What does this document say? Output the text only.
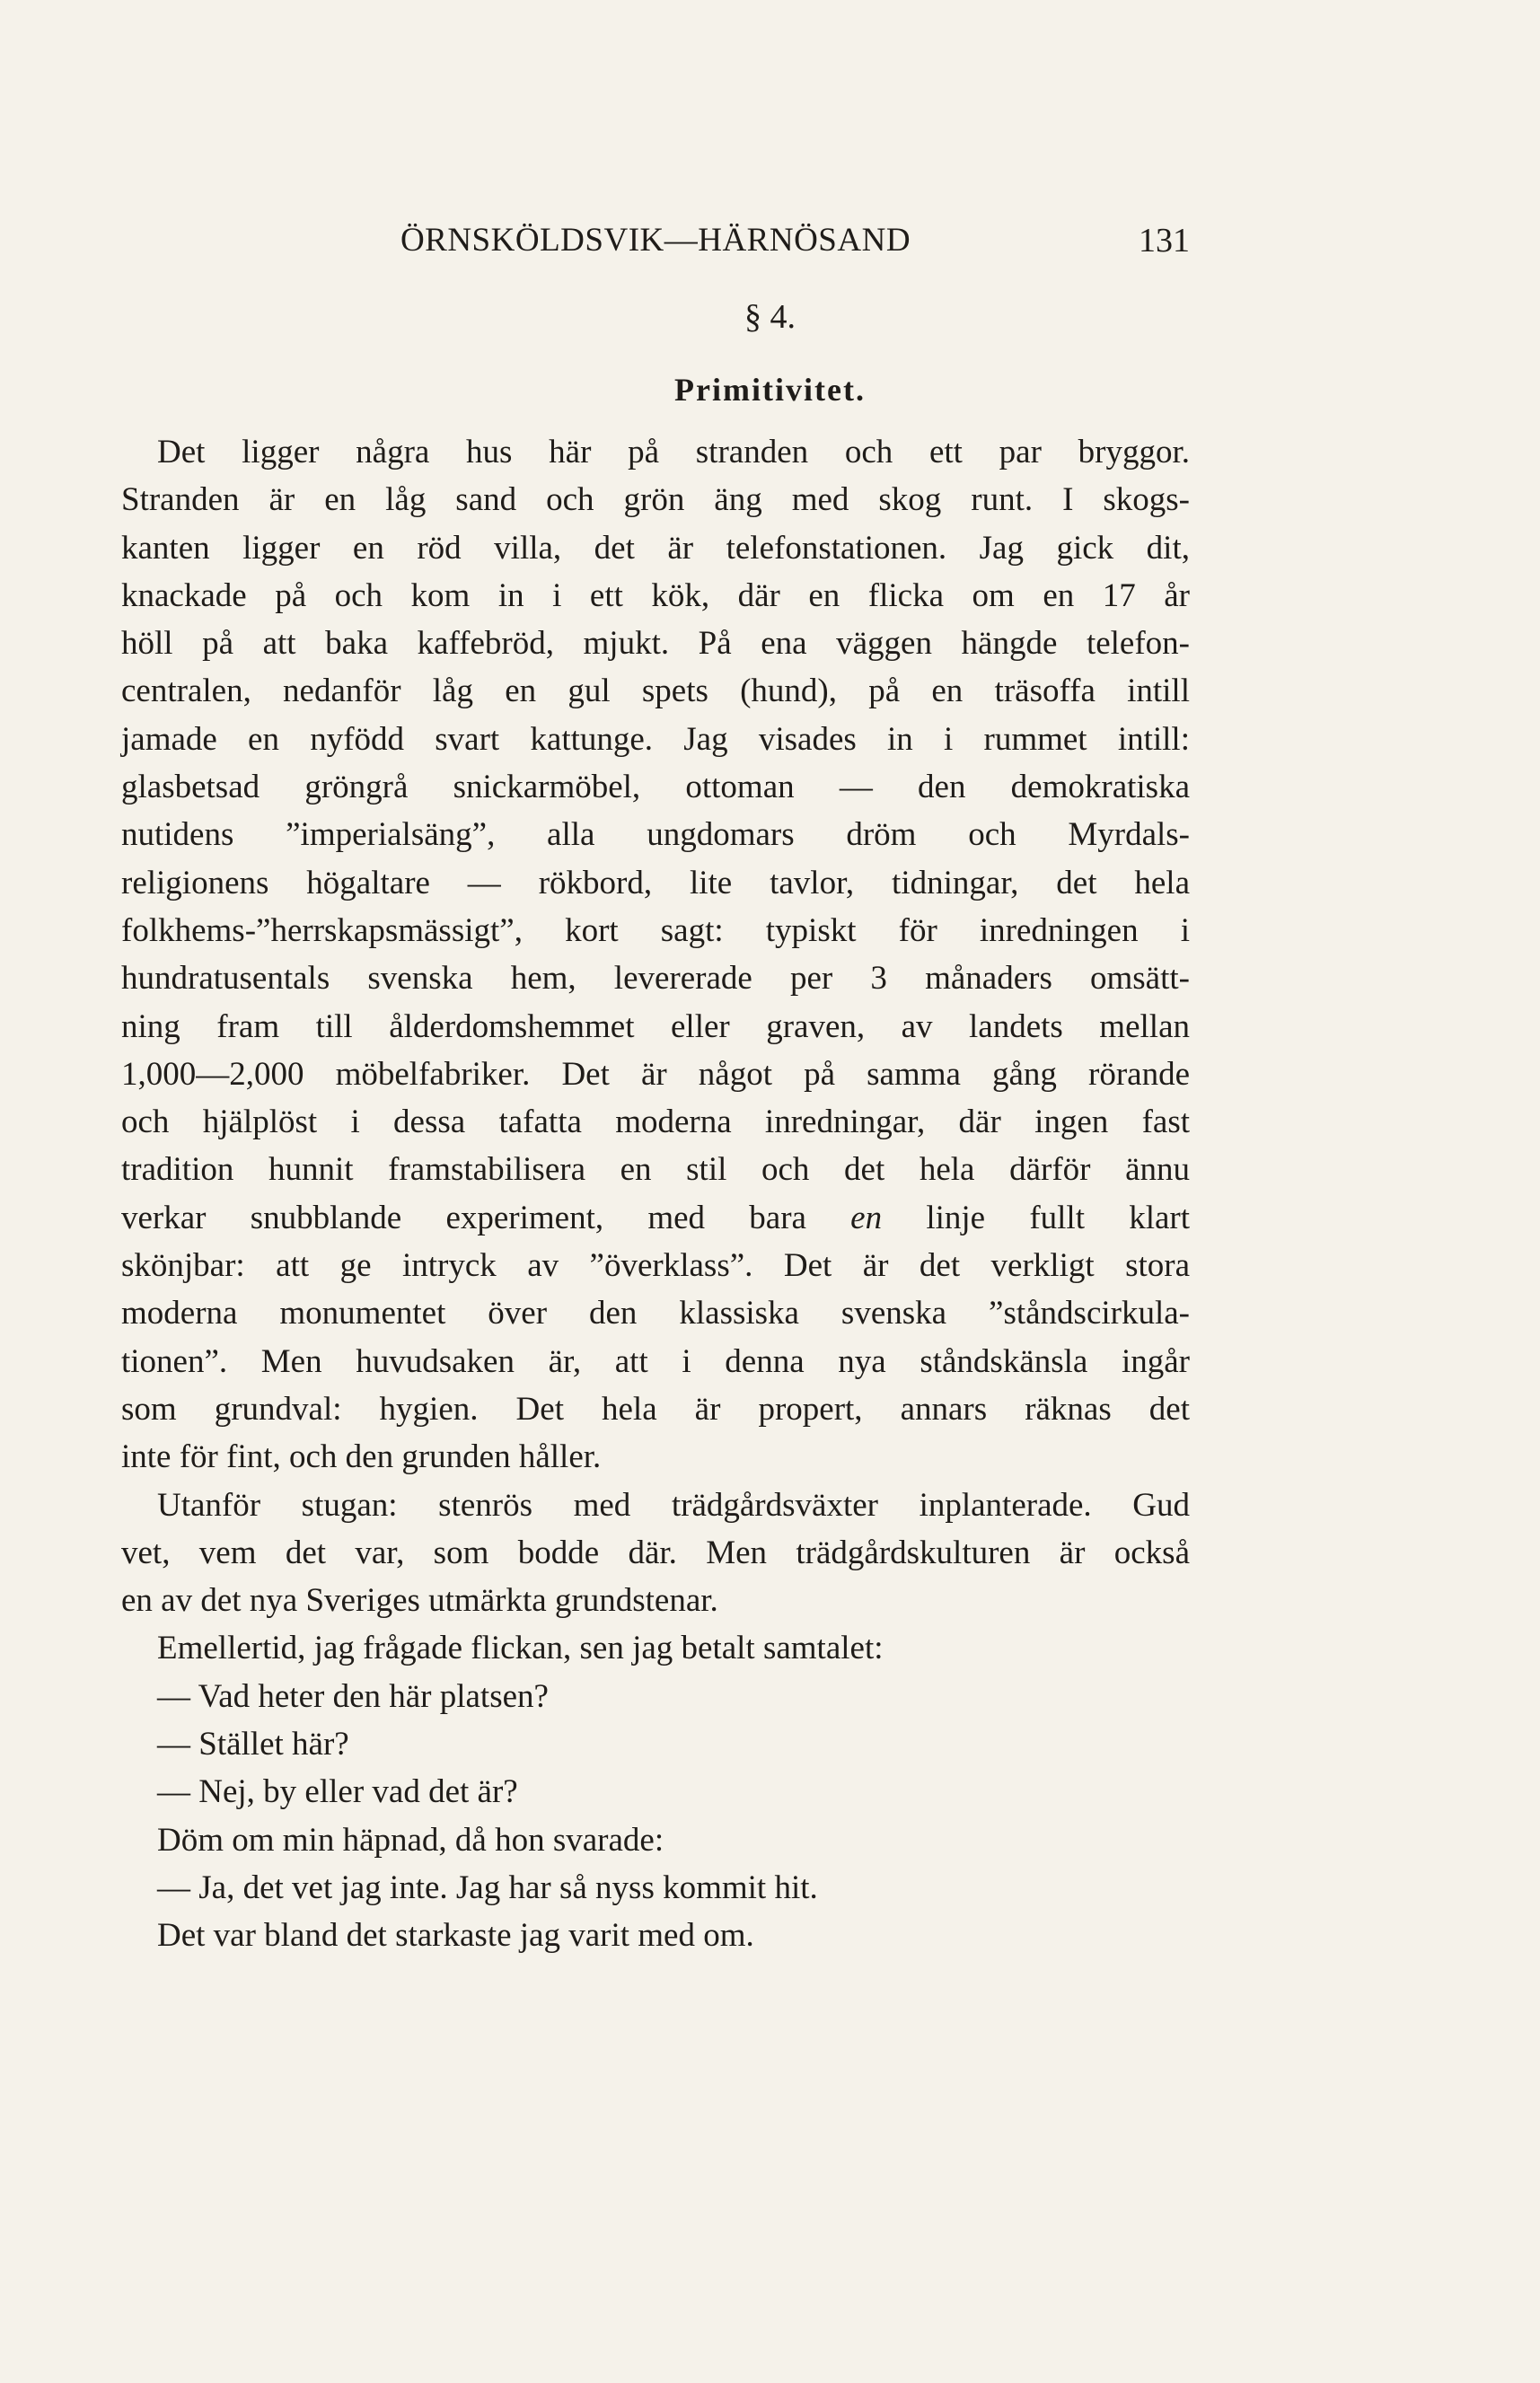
ÖRNSKÖLDSVIK—HÄRNÖSAND	131
§ 4.
Primitivitet.
Det ligger några hus här på stranden och ett par bryggor.
Stranden är en låg sand och grön äng med skog runt. I skogs-
kanten ligger en röd villa, det är telefonstationen. Jag gick dit,
knackade på och kom in i ett kök, där en flicka om en 17 år
höll på att baka kaffebröd, mjukt. På ena väggen hängde telefon-
centralen, nedanför låg en gul spets (hund), på en träsoffa intill
jamade en nyfödd svart kattunge. Jag visades in i rummet intill:
glasbetsad gröngrå snickarmöbel, ottoman — den demokratiska
nutidens ”imperialsäng”, alla ungdomars dröm och Myrdals-
religionens högaltare — rökbord, lite tavlor, tidningar, det hela
folkhems-”herrskapsmässigt”, kort sagt: typiskt för inredningen i
hundratusentals svenska hem, levererade per 3 månaders omsätt-
ning fram till ålderdomshemmet eller graven, av landets mellan
1,000—2,000 möbelfabriker. Det är något på samma gång rörande
och hjälplöst i dessa tafatta moderna inredningar, där ingen fast
tradition hunnit framstabilisera en stil och det hela därför ännu
verkar snubblande experiment, med bara en linje fullt klart
skönjbar: att ge intryck av ”överklass”. Det är det verkligt stora
moderna monumentet över den klassiska svenska ”ståndscirkula-
tionen”. Men huvudsaken är, att i denna nya ståndskänsla ingår
som grundval: hygien. Det hela är propert, annars räknas det
inte för fint, och den grunden håller.
Utanför stugan: stenrös med trädgårdsväxter inplanterade. Gud
vet, vem det var, som bodde där. Men trädgårdskulturen är också
en av det nya Sveriges utmärkta grundstenar.
Emellertid, jag frågade flickan, sen jag betalt samtalet:
— Vad heter den här platsen?
— Stället här?
— Nej, by eller vad det är?
Döm om min häpnad, då hon svarade:
— Ja, det vet jag inte. Jag har så nyss kommit hit.
Det var bland det starkaste jag varit med om.
